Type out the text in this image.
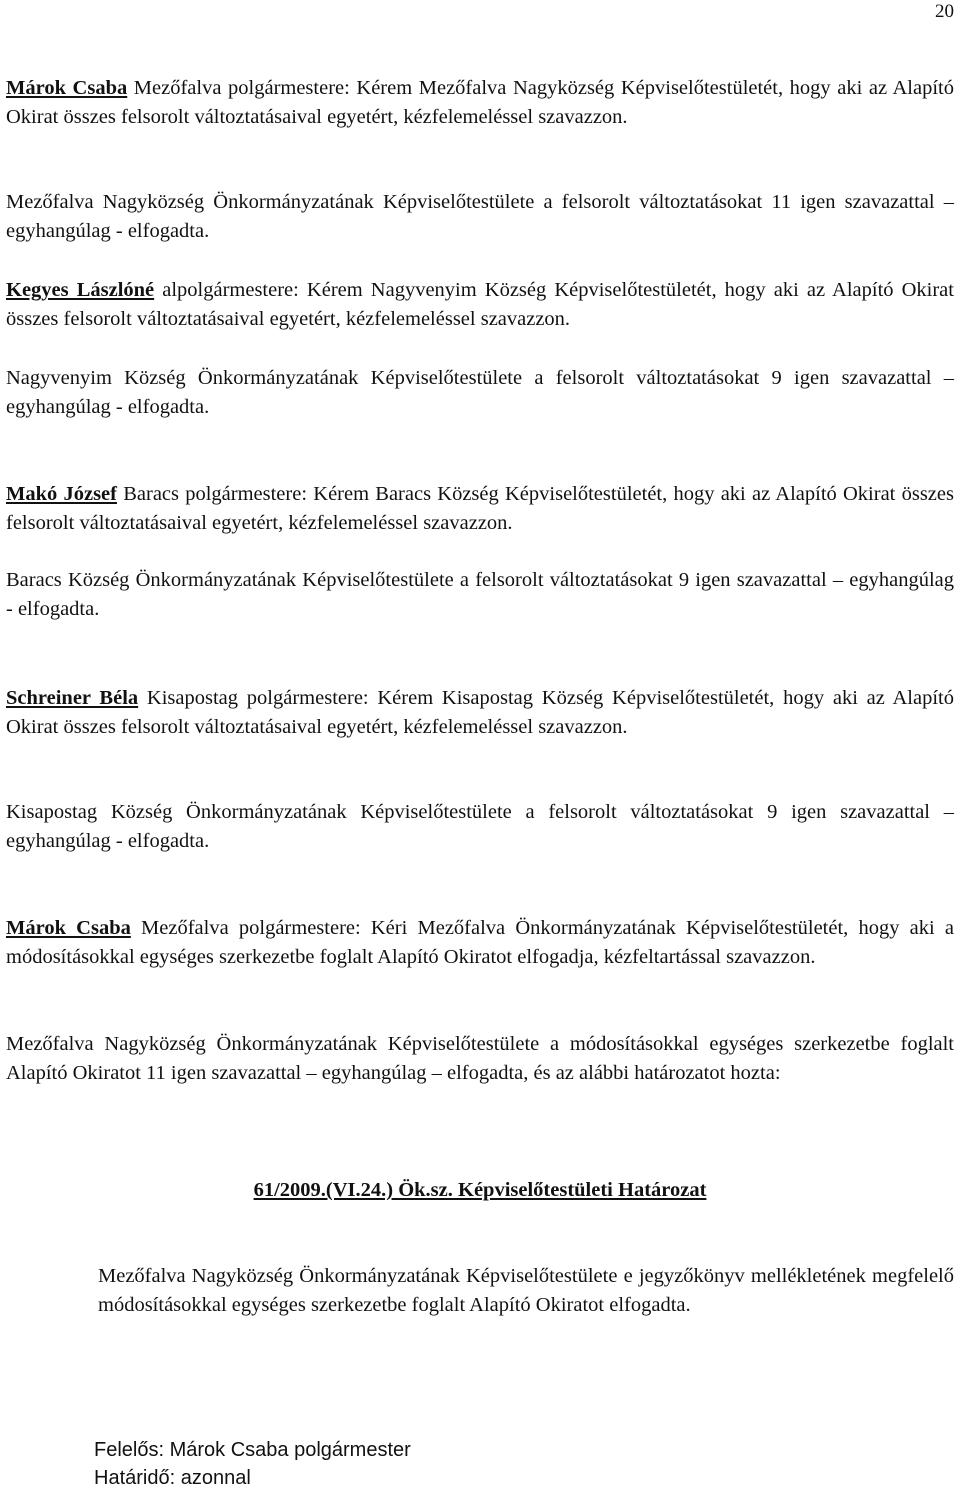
20

Márok Csaba Mezőfalva polgármestere: Kérem Mezőfalva Nagyközség Képviselőtestületét, hogy aki az Alapító Okirat összes felsorolt változtatásaival egyetért, kézfelemeléssel szavazzon.

Mezőfalva Nagyközség Önkormányzatának Képviselőtestülete a felsorolt változtatásokat 11 igen szavazattal – egyhangúlag - elfogadta.

Kegyes Lászlóné alpolgármestere: Kérem Nagyvenyim Község Képviselőtestületét, hogy aki az Alapító Okirat összes felsorolt változtatásaival egyetért, kézfelemeléssel szavazzon.

Nagyvenyim Község Önkormányzatának Képviselőtestülete a felsorolt változtatásokat 9 igen szavazattal – egyhangúlag - elfogadta.

Makó József Baracs polgármestere: Kérem Baracs Község Képviselőtestületét, hogy aki az Alapító Okirat összes felsorolt változtatásaival egyetért, kézfelemeléssel szavazzon.

Baracs Község Önkormányzatának Képviselőtestülete a felsorolt változtatásokat 9 igen szavazattal – egyhangúlag - elfogadta.

Schreiner Béla Kisapostag polgármestere: Kérem Kisapostag Község Képviselőtestületét, hogy aki az Alapító Okirat összes felsorolt változtatásaival egyetért, kézfelemeléssel szavazzon.

Kisapostag Község Önkormányzatának Képviselőtestülete a felsorolt változtatásokat 9 igen szavazattal – egyhangúlag - elfogadta.

Márok Csaba Mezőfalva polgármestere: Kéri Mezőfalva Önkormányzatának Képviselőtestületét, hogy aki a módosításokkal egységes szerkezetbe foglalt Alapító Okiratot elfogadja, kézfeltartással szavazzon.

Mezőfalva Nagyközség Önkormányzatának Képviselőtestülete a módosításokkal egységes szerkezetbe foglalt Alapító Okiratot 11 igen szavazattal – egyhangúlag – elfogadta, és az alábbi határozatot hozta:

61/2009.(VI.24.) Ök.sz. Képviselőtestületi Határozat

Mezőfalva Nagyközség Önkormányzatának Képviselőtestülete e jegyzőkönyv mellékletének megfelelő módosításokkal egységes szerkezetbe foglalt Alapító Okiratot elfogadta.

Felelős: Márok Csaba polgármester

Határidő: azonnal
